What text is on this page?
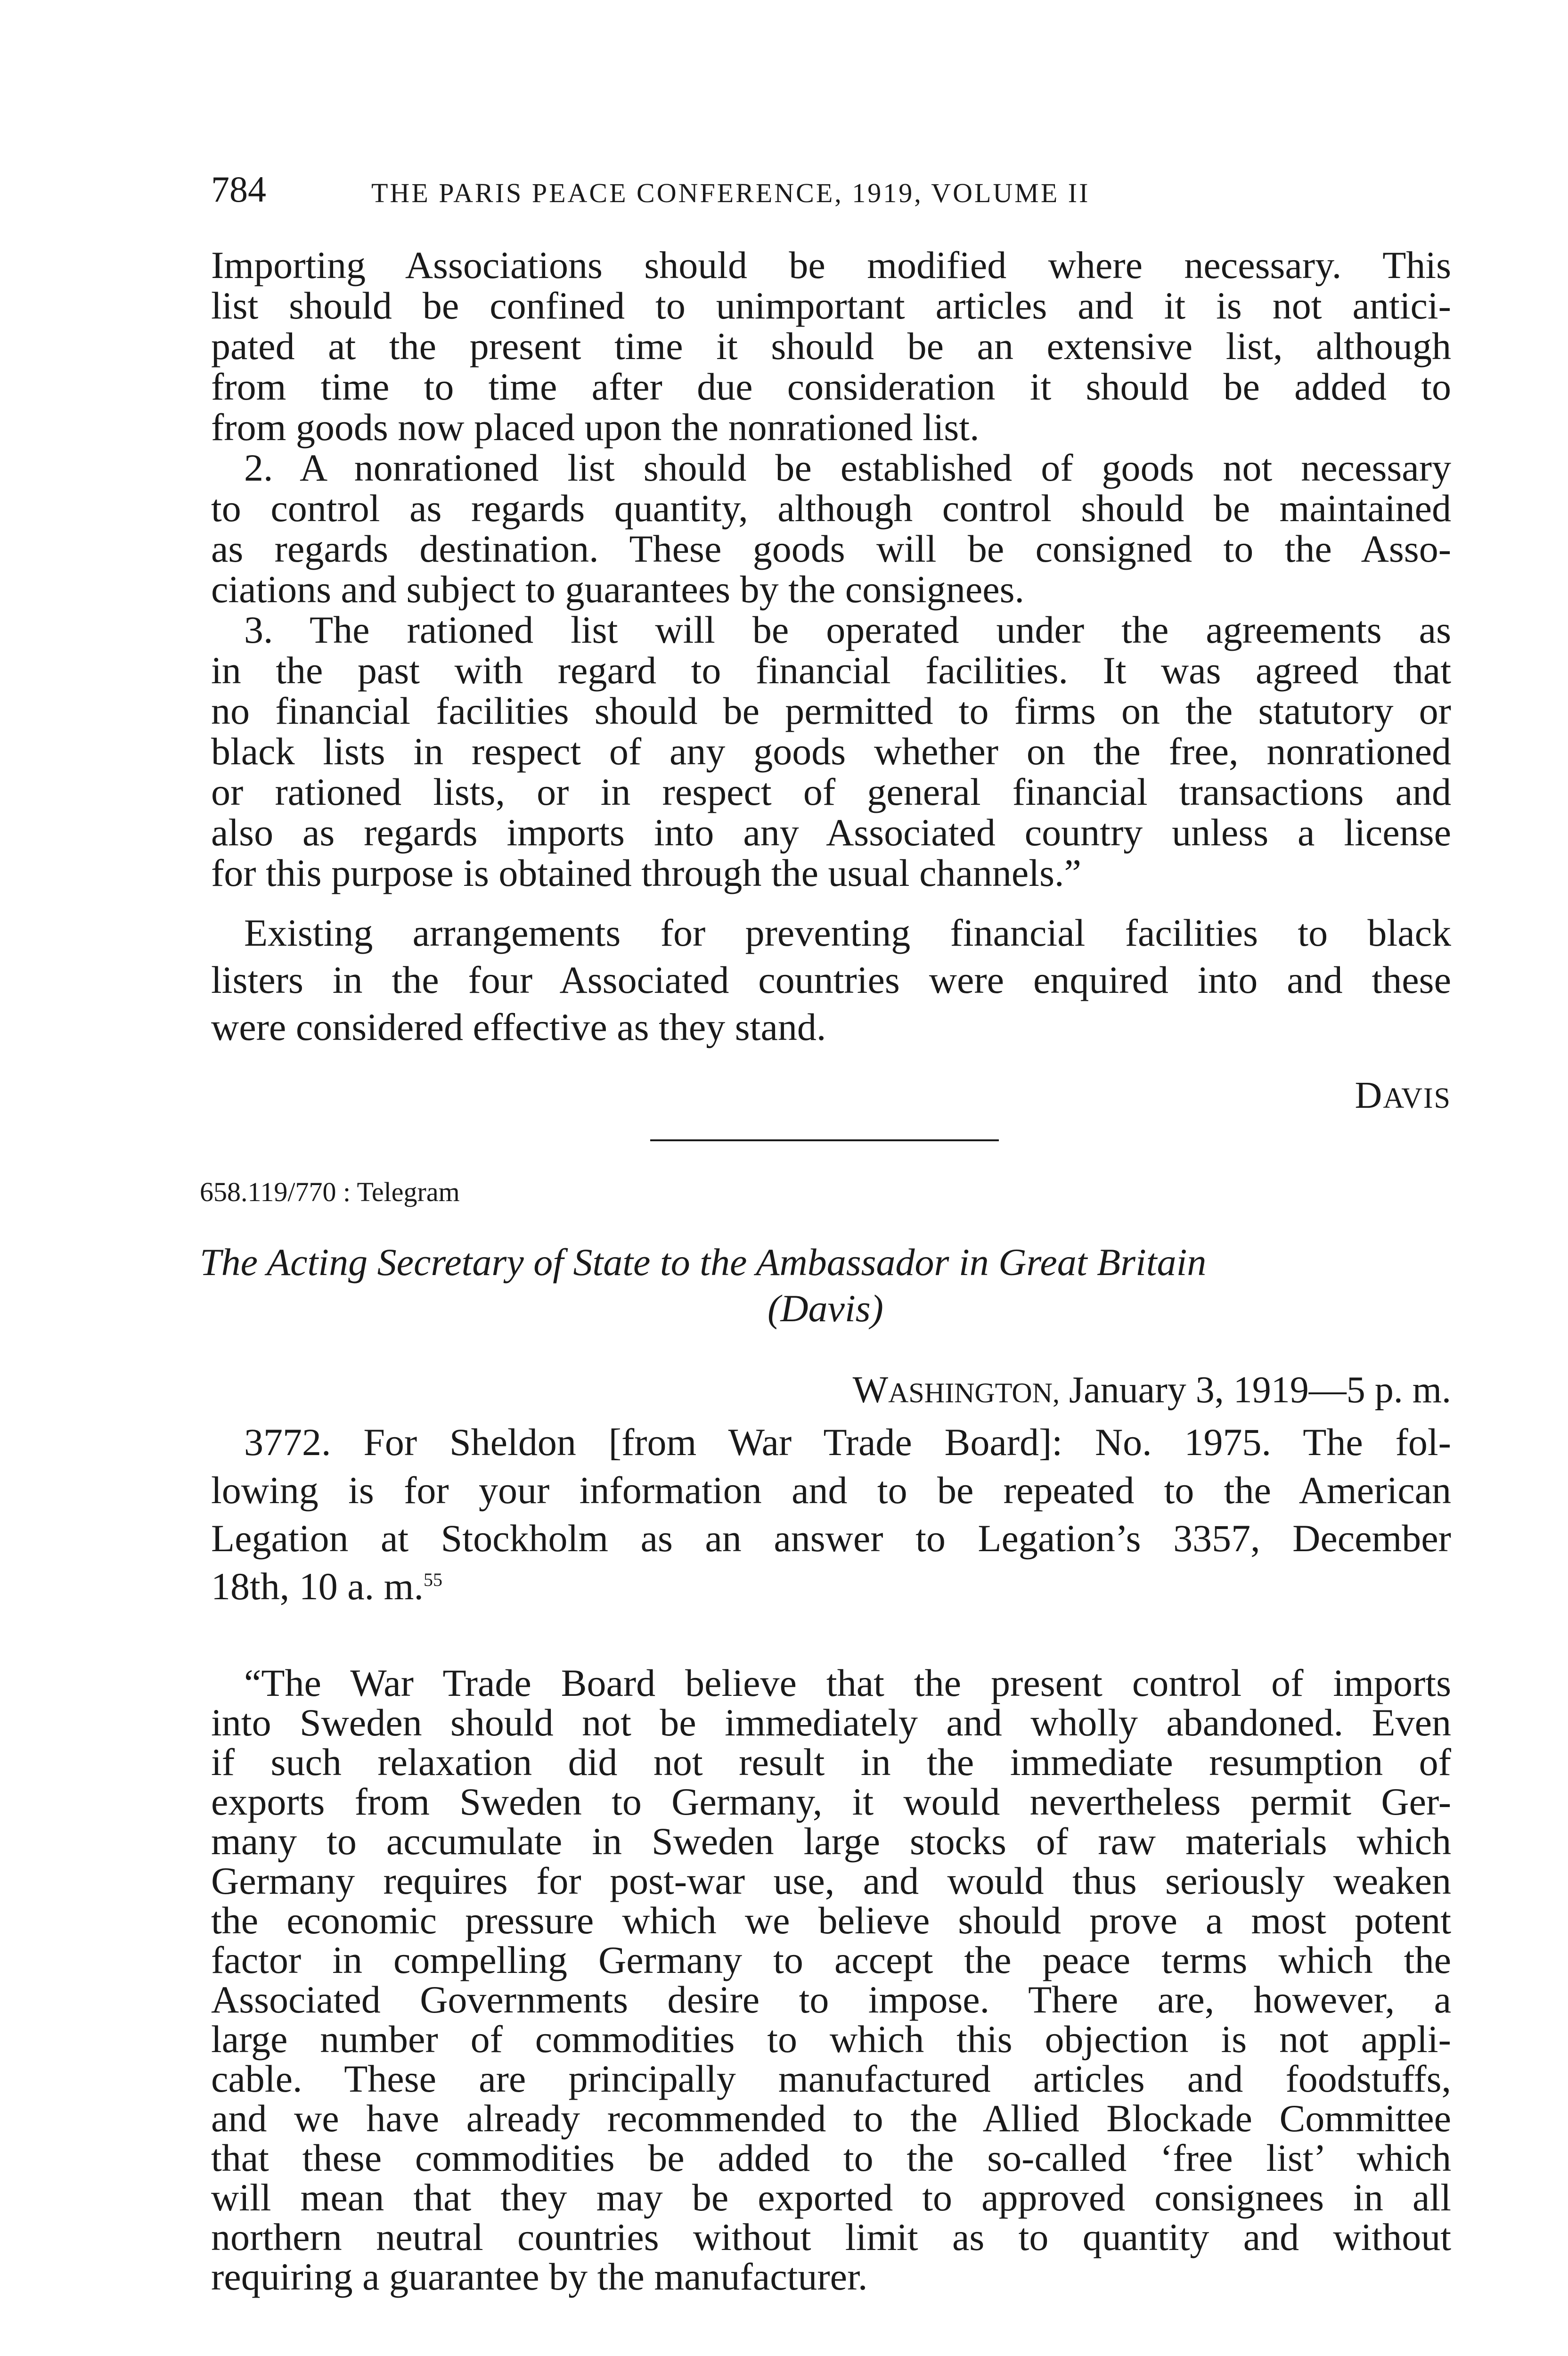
784	THE PARIS PEACE CONFERENCE, 1919, VOLUME II
Importing Associations should be modified where necessary. This
list should be confined to unimportant articles and it is not antici-
pated at the present time it should be an extensive list, although
from time to time after due consideration it should be added to
from goods now placed upon the nonrationed list.
2. A nonrationed list should be established of goods not necessary
to control as regards quantity, although control should be maintained
as regards destination. These goods will be consigned to the Asso-
ciations and subject to guarantees by the consignees.
3. The rationed list will be operated under the agreements as
in the past with regard to financial facilities. It was agreed that
no financial facilities should be permitted to firms on the statutory or
black lists in respect of any goods whether on the free, nonrationed
or rationed lists, or in respect of general financial transactions and
also as regards imports into any Associated country unless a license
for this purpose is obtained through the usual channels.”
Existing arrangements for preventing financial facilities to black
listers in the four Associated countries were enquired into and these
were considered effective as they stand.
DAVIS
658.119/770 : Telegram
The Acting Secretary of State to the Ambassador in Great Britain
(Davis)
WASHINGTON, January 3, 1919—5 p. m.
3772. For Sheldon [from War Trade Board]: No. 1975. The fol-
lowing is for your information and to be repeated to the American
Legation at Stockholm as an answer to Legation’s 3357, December
18th, 10 a. m.$^{55}$
“The War Trade Board believe that the present control of imports
into Sweden should not be immediately and wholly abandoned. Even
if such relaxation did not result in the immediate resumption of
exports from Sweden to Germany, it would nevertheless permit Ger-
many to accumulate in Sweden large stocks of raw materials which
Germany requires for post-war use, and would thus seriously weaken
the economic pressure which we believe should prove a most potent
factor in compelling Germany to accept the peace terms which the
Associated Governments desire to impose. There are, however, a
large number of commodities to which this objection is not appli-
cable. These are principally manufactured articles and foodstuffs,
and we have already recommended to the Allied Blockade Committee
that these commodities be added to the so-called ‘free list’ which
will mean that they may be exported to approved consignees in all
northern neutral countries without limit as to quantity and without
requiring a guarantee by the manufacturer.
